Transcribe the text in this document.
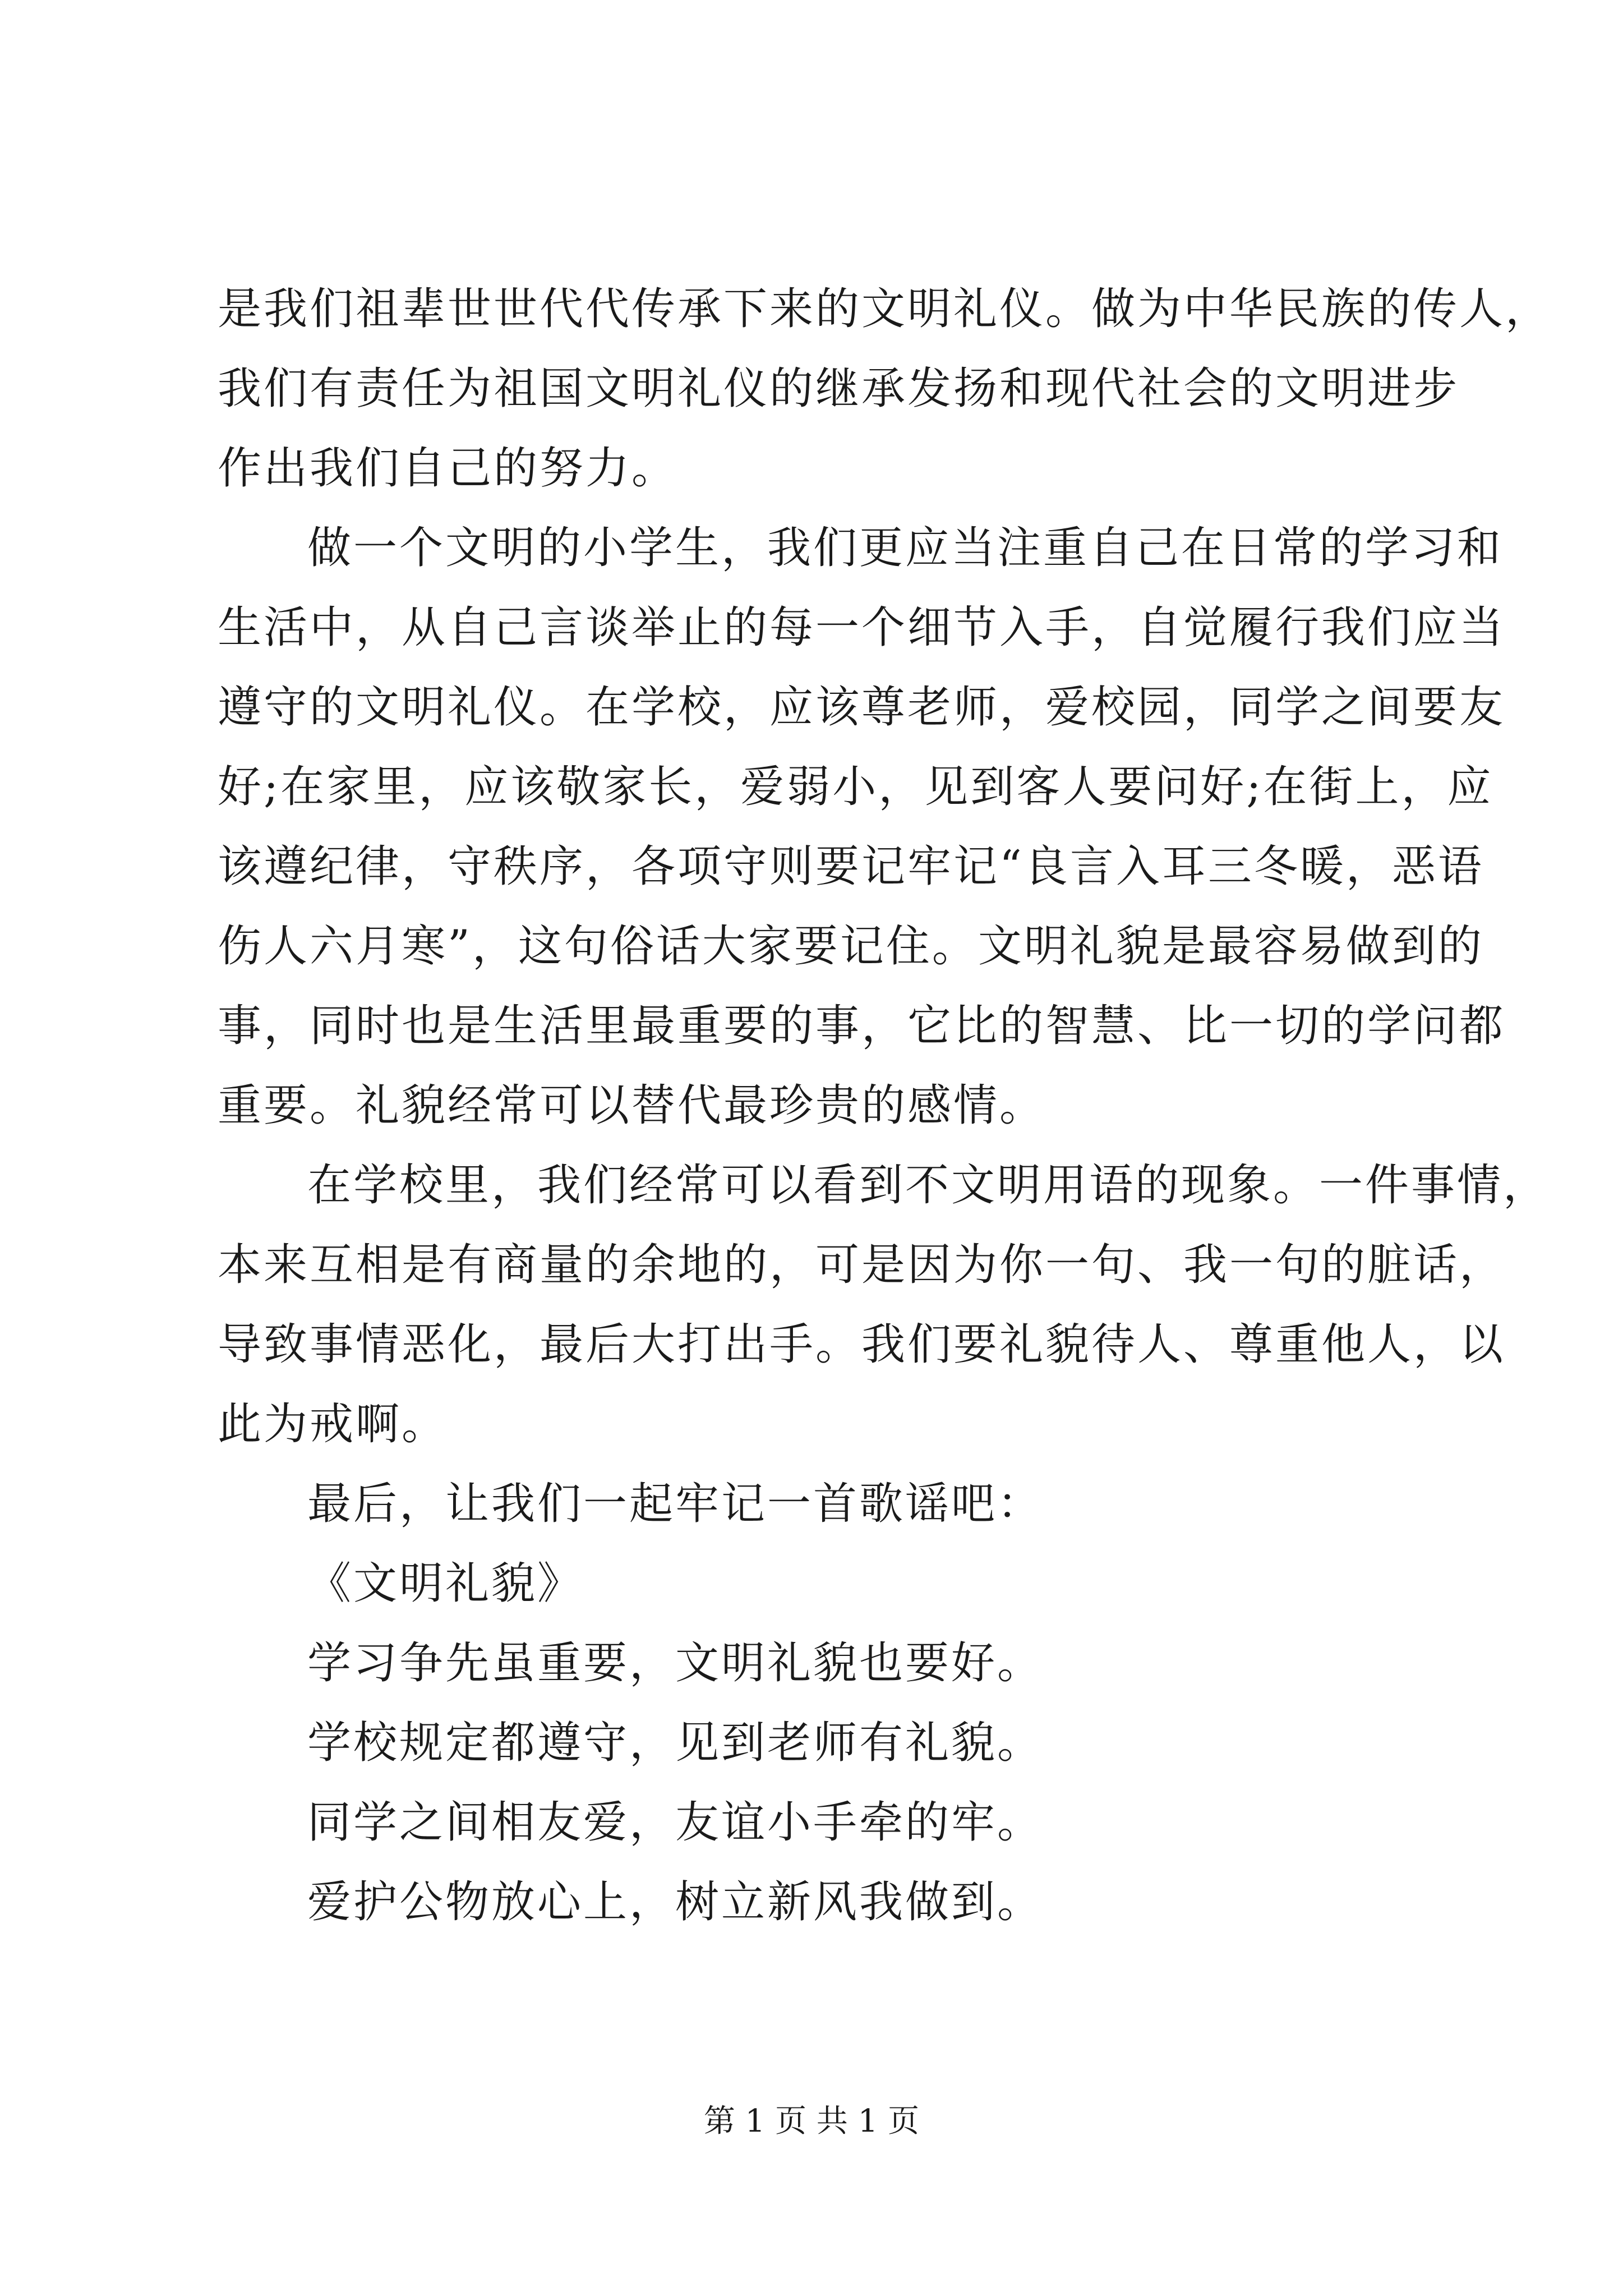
是我们祖辈世世代代传承下来的文明礼仪。做为中华民族的传人，
我们有责任为祖国文明礼仪的继承发扬和现代社会的文明进步
作出我们自己的努力。
做一个文明的小学生，我们更应当注重自己在日常的学习和
生活中，从自己言谈举止的每一个细节入手，自觉履行我们应当
遵守的文明礼仪。在学校，应该尊老师，爱校园，同学之间要友
好;在家里，应该敬家长，爱弱小，见到客人要问好;在街上，应
该遵纪律，守秩序，各项守则要记牢记“良言入耳三冬暖，恶语
伤人六月寒”，这句俗话大家要记住。文明礼貌是最容易做到的
事，同时也是生活里最重要的事，它比的智慧、比一切的学问都
重要。礼貌经常可以替代最珍贵的感情。
在学校里，我们经常可以看到不文明用语的现象。一件事情，
本来互相是有商量的余地的，可是因为你一句、我一句的脏话，
导致事情恶化，最后大打出手。我们要礼貌待人、尊重他人，以
此为戒啊。
最后，让我们一起牢记一首歌谣吧：
《文明礼貌》
学习争先虽重要，文明礼貌也要好。
学校规定都遵守，见到老师有礼貌。
同学之间相友爱，友谊小手牵的牢。
爱护公物放心上，树立新风我做到。
第 1 页 共 1 页
